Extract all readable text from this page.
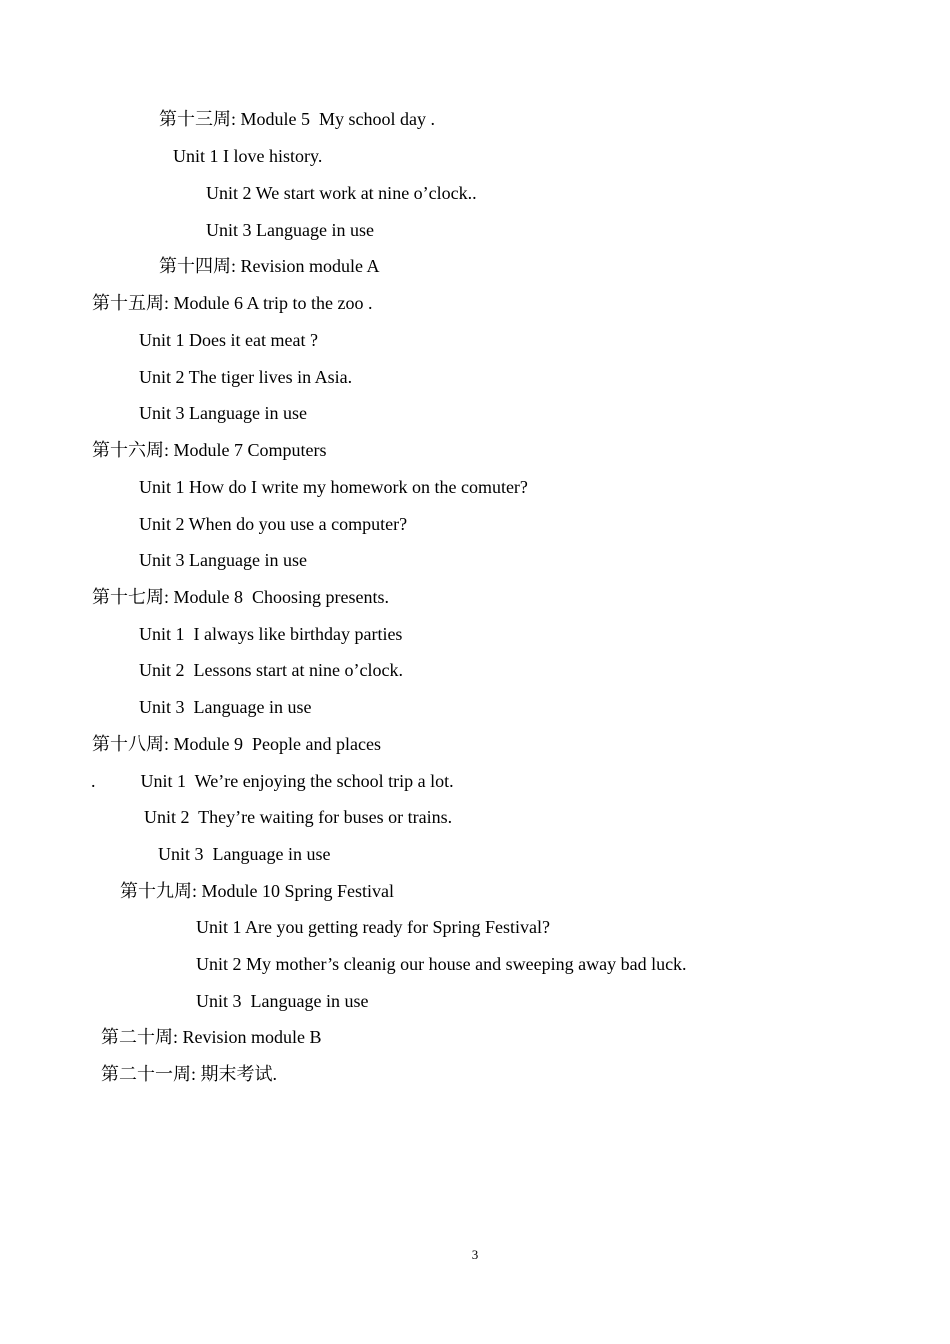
第十三周: Module 5  My school day .
Unit 1 I love history.
Unit 2 We start work at nine o’clock..
Unit 3 Language in use
第十四周: Revision module A
第十五周: Module 6 A trip to the zoo .
Unit 1 Does it eat meat ?
Unit 2 The tiger lives in Asia.
Unit 3 Language in use
第十六周: Module 7 Computers
Unit 1 How do I write my homework on the comuter?
Unit 2 When do you use a computer?
Unit 3 Language in use
第十七周: Module 8  Choosing presents.
Unit 1  I always like birthday parties
Unit 2  Lessons start at nine o’clock.
Unit 3  Language in use
第十八周: Module 9  People and places
.          Unit 1  We’re enjoying the school trip a lot.
Unit 2  They’re waiting for buses or trains.
Unit 3  Language in use
第十九周: Module 10 Spring Festival
Unit 1 Are you getting ready for Spring Festival?
Unit 2 My mother’s cleanig our house and sweeping away bad luck.
Unit 3  Language in use
第二十周: Revision module B
第二十一周: 期末考试.
3
